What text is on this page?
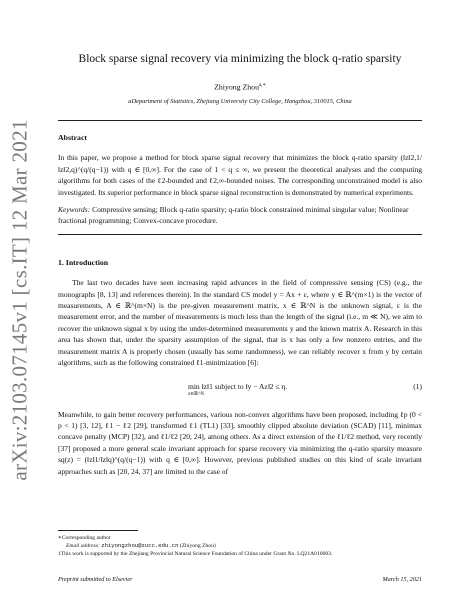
arXiv:2103.07145v1 [cs.IT] 12 Mar 2021
Block sparse signal recovery via minimizing the block q-ratio sparsity
Zhiyong Zhou$^{a,∗}$
aDepartment of Statistics, Zhejiang University City College, Hangzhou, 310015, China
Abstract
In this paper, we propose a method for block sparse signal recovery that minimizes the block q-ratio sparsity (‖z‖2,1/‖z‖2,q)^(q/(q−1)) with q ∈ [0,∞]. For the case of 1 < q ≤ ∞, we present the theoretical analyses and the computing algorithms for both cases of the ℓ2-bounded and ℓ2,∞-bounded noises. The corresponding unconstrained model is also investigated. Its superior performance in block sparse signal reconstruction is demonstrated by numerical experiments.
Keywords: Compressive sensing; Block q-ratio sparsity; q-ratio block constrained minimal singular value; Nonlinear fractional programming; Convex-concave procedure.
1. Introduction

The last two decades have seen increasing rapid advances in the field of compressive sensing (CS) (e.g., the monographs [8, 13] and references therein). In the standard CS model y = Ax + ε, where y ∈ ℝ^(m×1) is the vector of measurements, A ∈ ℝ^(m×N) is the pre-given measurement matrix, x ∈ ℝ^N is the unknown signal, ε is the measurement error, and the number of measurements is much less than the length of the signal (i.e., m ≪ N), we aim to recover the unknown signal x by using the under-determined measurements y and the known matrix A. Research in this area has shown that, under the sparsity assumption of the signal, that is x has only a few nonzero entries, and the measurement matrix A is properly chosen (usually has some randomness), we can reliably recover x from y by certain algorithms, such as the following constrained ℓ1-minimization [6]:

min ‖z‖1 subject to ‖y − Az‖2 ≤ η.
z∈ℝ^N
(1)

Meanwhile, to gain better recovery performances, various non-convex algorithms have been proposed, including ℓp (0 < p < 1) [3, 12], ℓ1 − ℓ2 [29], transformed ℓ1 (TL1) [33], smoothly clipped absolute deviation (SCAD) [11], minimax concave penalty (MCP) [32], and ℓ1/ℓ2 [20, 24], among others. As a direct extension of the ℓ1/ℓ2 method, very recently [37] proposed a more general scale invariant approach for sparse recovery via minimizing the q-ratio sparsity measure sq(z) = (‖z‖1/‖z‖q)^(q/(q−1)) with q ∈ [0,∞]. However, previous published studies on this kind of scale invariant approaches such as [20, 24, 37] are limited to the case of

∗Corresponding author
Email address: zhiyongzhou@zucc.edu.cn (Zhiyong Zhou)
1This work is supported by the Zhejiang Provincial Natural Science Foundation of China under Grant No. LQ21A010003.
Preprint submitted to Elsevier	March 15, 2021
